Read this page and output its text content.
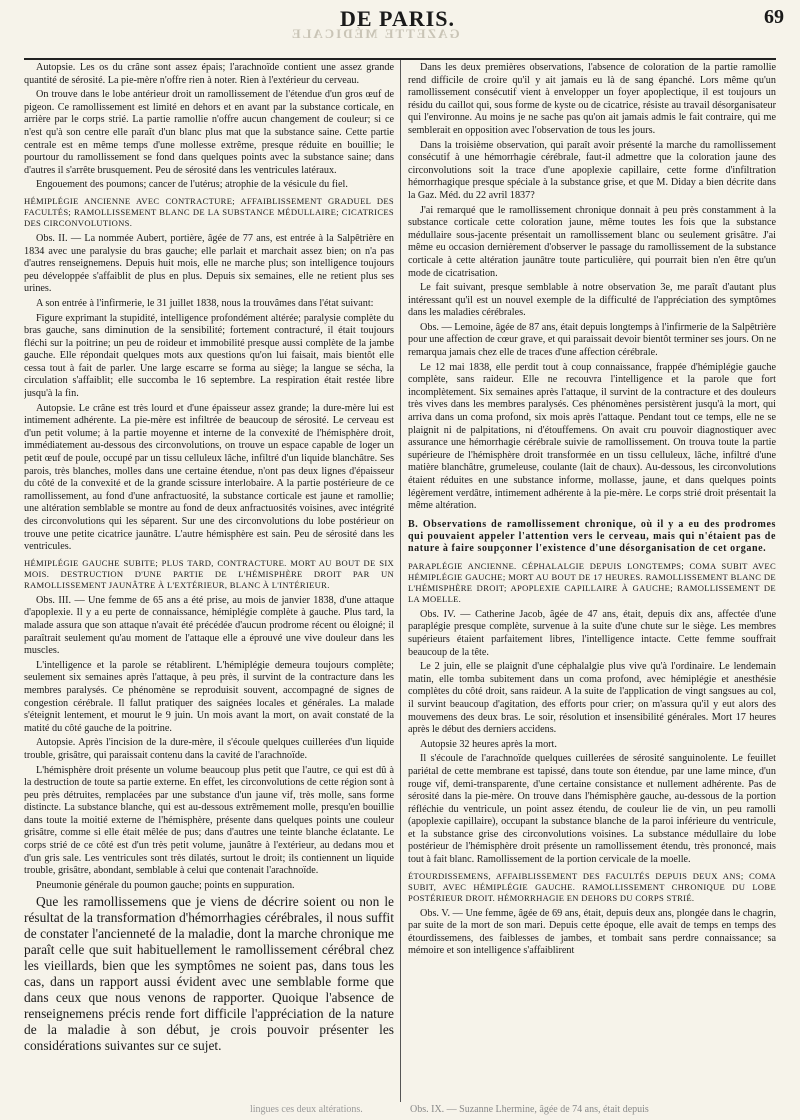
GAZETTE MÉDICALE
DE PARIS.	69

Autopsie. Les os du crâne sont assez épais; l'arachnoïde contient une assez grande quantité de sérosité. La pie-mère n'offre rien à noter. Rien à l'extérieur du cerveau.

On trouve dans le lobe antérieur droit un ramollissement de l'étendue d'un gros œuf de pigeon. Ce ramollissement est limité en dehors et en avant par la substance corticale, en arrière par le corps strié. La partie ramollie n'offre aucun changement de couleur; si ce n'est qu'à son centre elle paraît d'un blanc plus mat que la substance saine. Cette partie centrale est en même temps d'une mollesse extrême, presque réduite en bouillie; le pourtour du ramollissement se fond dans quelques points avec la substance saine; dans d'autres il s'arrête brusquement. Peu de sérosité dans les ventricules latéraux.

Engouement des poumons; cancer de l'utérus; atrophie de la vésicule du fiel.

HÉMIPLÉGIE ANCIENNE AVEC CONTRACTURE; AFFAIBLISSEMENT GRADUEL DES FACULTÉS; RAMOLLISSEMENT BLANC DE LA SUBSTANCE MÉDULLAIRE; CICATRICES DES CIRCONVOLUTIONS.

Obs. II. — La nommée Aubert, portière, âgée de 77 ans, est entrée à la Salpêtrière en 1834 avec une paralysie du bras gauche; elle parlait et marchait assez bien; on n'a pas d'autres renseignemens. Depuis huit mois, elle ne marche plus; son intelligence toujours peu développée s'affaiblit de plus en plus. Depuis six semaines, elle ne retient plus ses urines.

A son entrée à l'infirmerie, le 31 juillet 1838, nous la trouvâmes dans l'état suivant:

Figure exprimant la stupidité, intelligence profondément altérée; paralysie complète du bras gauche, sans diminution de la sensibilité; fortement contracturé, il était toujours fléchi sur la poitrine; un peu de roideur et immobilité presque aussi complète de la jambe gauche. Elle répondait quelques mots aux questions qu'on lui faisait, mais bientôt elle cessa tout à fait de parler. Une large escarre se forma au siège; la langue se sécha, la circulation s'affaiblit; elle succomba le 16 septembre. La respiration était restée libre jusqu'à la fin.

Autopsie. Le crâne est très lourd et d'une épaisseur assez grande; la dure-mère lui est intimement adhérente. La pie-mère est infiltrée de beaucoup de sérosité. Le cerveau est d'un petit volume; à la partie moyenne et interne de la convexité de l'hémisphère droit, immédiatement au-dessous des circonvolutions, on trouve un espace capable de loger un petit œuf de poule, occupé par un tissu celluleux lâche, infiltré d'un liquide blanchâtre. Ses parois, très blanches, molles dans une certaine étendue, n'ont pas deux lignes d'épaisseur du côté de la convexité et de la grande scissure interlobaire. A la partie postérieure de ce ramollissement, au fond d'une anfractuosité, la substance corticale est jaune et ramollie; une altération semblable se montre au fond de deux anfractuosités voisines, avec intégrité des circonvolutions qui les séparent. Sur une des circonvolutions du lobe postérieur on trouve une petite cicatrice jaunâtre. L'autre hémisphère est sain. Peu de sérosité dans les ventricules.

HÉMIPLÉGIE GAUCHE SUBITE; PLUS TARD, CONTRACTURE. MORT AU BOUT DE SIX MOIS. DESTRUCTION D'UNE PARTIE DE L'HÉMISPHÈRE DROIT PAR UN RAMOLLISSEMENT JAUNÂTRE À L'EXTÉRIEUR, BLANC À L'INTÉRIEUR.

Obs. III. — Une femme de 65 ans a été prise, au mois de janvier 1838, d'une attaque d'apoplexie. Il y a eu perte de connaissance, hémiplégie complète à gauche. Plus tard, la malade assura que son attaque n'avait été précédée d'aucun prodrome récent ou éloigné; il paraîtrait seulement qu'au moment de l'attaque elle a éprouvé une vive douleur dans les muscles.

L'intelligence et la parole se rétablirent. L'hémiplégie demeura toujours complète; seulement six semaines après l'attaque, à peu près, il survint de la contracture dans les membres paralysés. Ce phénomène se reproduisit souvent, accompagné de signes de congestion cérébrale. Il fallut pratiquer des saignées locales et générales. La malade s'éteignit lentement, et mourut le 9 juin. Un mois avant la mort, on avait constaté de la matité du côté gauche de la poitrine.

Autopsie. Après l'incision de la dure-mère, il s'écoule quelques cuillerées d'un liquide trouble, grisâtre, qui paraissait contenu dans la cavité de l'arachnoïde.

L'hémisphère droit présente un volume beaucoup plus petit que l'autre, ce qui est dû à la destruction de toute sa partie externe. En effet, les circonvolutions de cette région sont à peu près détruites, remplacées par une substance d'un jaune vif, très molle, sans forme distincte. La substance blanche, qui est au-dessous extrêmement molle, presqu'en bouillie dans toute la moitié externe de l'hémisphère, présente dans quelques points une couleur grisâtre, comme si elle était mêlée de pus; dans d'autres une teinte blanche éclatante. Le corps strié de ce côté est d'un très petit volume, jaunâtre à l'extérieur, au dedans mou et d'un gris sale. Les ventricules sont très dilatés, surtout le droit; ils contiennent un liquide trouble, grisâtre, abondant, semblable à celui que contenait l'arachnoïde.

Pneumonie générale du poumon gauche; points en suppuration.

Que les ramollissemens que je viens de décrire soient ou non le résultat de la transformation d'hémorrhagies cérébrales, il nous suffit de constater l'ancienneté de la maladie, dont la marche chronique me paraît celle que suit habituellement le ramollissement cérébral chez les vieillards, bien que les symptômes ne soient pas, dans tous les cas, dans un rapport aussi évident avec une semblable forme que dans ceux que nous venons de rapporter. Quoique l'absence de renseignemens précis rende fort difficile l'appréciation de la nature de la maladie à son début, je crois pouvoir présenter les considérations suivantes sur ce sujet.

Dans les deux premières observations, l'absence de coloration de la partie ramollie rend difficile de croire qu'il y ait jamais eu là de sang épanché. Lors même qu'un ramollissement consécutif vient à envelopper un foyer apoplectique, il est toujours un résidu du caillot qui, sous forme de kyste ou de cicatrice, résiste au travail désorganisateur qui l'environne. Au moins je ne sache pas qu'on ait jamais admis le fait contraire, qui me semblerait en opposition avec l'observation de tous les jours.

Dans la troisième observation, qui paraît avoir présenté la marche du ramollissement consécutif à une hémorrhagie cérébrale, faut-il admettre que la coloration jaune des circonvolutions soit la trace d'une apoplexie capillaire, cette forme d'infiltration hémorrhagique presque spéciale à la substance grise, et que M. Diday a bien décrite dans la Gaz. Méd. du 22 avril 1837?

J'ai remarqué que le ramollissement chronique donnait à peu près constamment à la substance corticale cette coloration jaune, même toutes les fois que la substance médullaire sous-jacente présentait un ramollissement blanc ou seulement grisâtre. J'ai même eu occasion dernièrement d'observer le passage du ramollissement de la substance corticale à cette altération jaunâtre toute particulière, qui pourrait bien n'en être qu'un mode de cicatrisation.

Le fait suivant, presque semblable à notre observation 3e, me paraît d'autant plus intéressant qu'il est un nouvel exemple de la difficulté de l'appréciation des symptômes dans les maladies cérébrales.

Obs. — Lemoine, âgée de 87 ans, était depuis longtemps à l'infirmerie de la Salpêtrière pour une affection de cœur grave, et qui paraissait devoir bientôt terminer ses jours. On ne remarqua jamais chez elle de traces d'une affection cérébrale.

Le 12 mai 1838, elle perdit tout à coup connaissance, frappée d'hémiplégie gauche complète, sans raideur. Elle ne recouvra l'intelligence et la parole que fort incomplètement. Six semaines après l'attaque, il survint de la contracture et des douleurs très vives dans les membres paralysés. Ces phénomènes persistèrent jusqu'à la mort, qui arriva dans un coma profond, six mois après l'attaque. Pendant tout ce temps, elle ne se plaignit ni de palpitations, ni d'étouffemens. On avait cru pouvoir diagnostiquer avec assurance une hémorrhagie cérébrale suivie de ramollissement. On trouva toute la partie supérieure de l'hémisphère droit transformée en un tissu celluleux, lâche, infiltré d'une matière blanchâtre, grumeleuse, coulante (lait de chaux). Au-dessous, les circonvolutions étaient réduites en une substance informe, mollasse, jaune, et dans quelques points légèrement verdâtre, intimement adhérente à la pie-mère. Le corps strié droit présentait la même altération.

B. Observations de ramollissement chronique, où il y a eu des prodromes qui pouvaient appeler l'attention vers le cerveau, mais qui n'étaient pas de nature à faire soupçonner l'existence d'une désorganisation de cet organe.

PARAPLÉGIE ANCIENNE. CÉPHALALGIE DEPUIS LONGTEMPS; COMA SUBIT AVEC HÉMIPLÉGIE GAUCHE; MORT AU BOUT DE 17 HEURES. RAMOLLISSEMENT BLANC DE L'HÉMISPHÈRE DROIT; APOPLEXIE CAPILLAIRE À GAUCHE; RAMOLLISSEMENT DE LA MOELLE.

Obs. IV. — Catherine Jacob, âgée de 47 ans, était, depuis dix ans, affectée d'une paraplégie presque complète, survenue à la suite d'une chute sur le siège. Les membres supérieurs étaient parfaitement libres, l'intelligence intacte. Cette femme souffrait beaucoup de la tête.

Le 2 juin, elle se plaignit d'une céphalalgie plus vive qu'à l'ordinaire. Le lendemain matin, elle tomba subitement dans un coma profond, avec hémiplégie et anesthésie complètes du côté droit, sans raideur. A la suite de l'application de vingt sangsues au col, il survint beaucoup d'agitation, des efforts pour crier; on m'assura qu'il y eut alors des mouvemens des deux bras. Le soir, résolution et insensibilité générales. Mort 17 heures après le début des derniers accidens.

Autopsie 32 heures après la mort.

Il s'écoule de l'arachnoïde quelques cuillerées de sérosité sanguinolente. Le feuillet pariétal de cette membrane est tapissé, dans toute son étendue, par une lame mince, d'un rouge vif, demi-transparente, d'une certaine consistance et nullement adhérente. Pas de sérosité dans la pie-mère. On trouve dans l'hémisphère gauche, au-dessous de la portion réfléchie du ventricule, un point assez étendu, de couleur lie de vin, un peu ramolli (apoplexie capillaire), occupant la substance blanche de la paroi inférieure du ventricule, et la substance grise des circonvolutions voisines. La substance médullaire du lobe postérieur de l'hémisphère droit présente un ramollissement étendu, très prononcé, mais tout à fait blanc. Ramollissement de la portion cervicale de la moelle.

ÉTOURDISSEMENS, AFFAIBLISSEMENT DES FACULTÉS DEPUIS DEUX ANS; COMA SUBIT, AVEC HÉMIPLÉGIE GAUCHE. RAMOLLISSEMENT CHRONIQUE DU LOBE POSTÉRIEUR DROIT. HÉMORRHAGIE EN DEHORS DU CORPS STRIÉ.

Obs. V. — Une femme, âgée de 69 ans, était, depuis deux ans, plongée dans le chagrin, par suite de la mort de son mari. Depuis cette époque, elle avait de temps en temps des étourdissemens, des faiblesses de jambes, et tombait sans perdre connaissance; sa mémoire et son intelligence s'affaiblirent

lingues ces deux altérations.	Obs. IX. — Suzanne Lhermine, âgée de 74 ans, était depuis
